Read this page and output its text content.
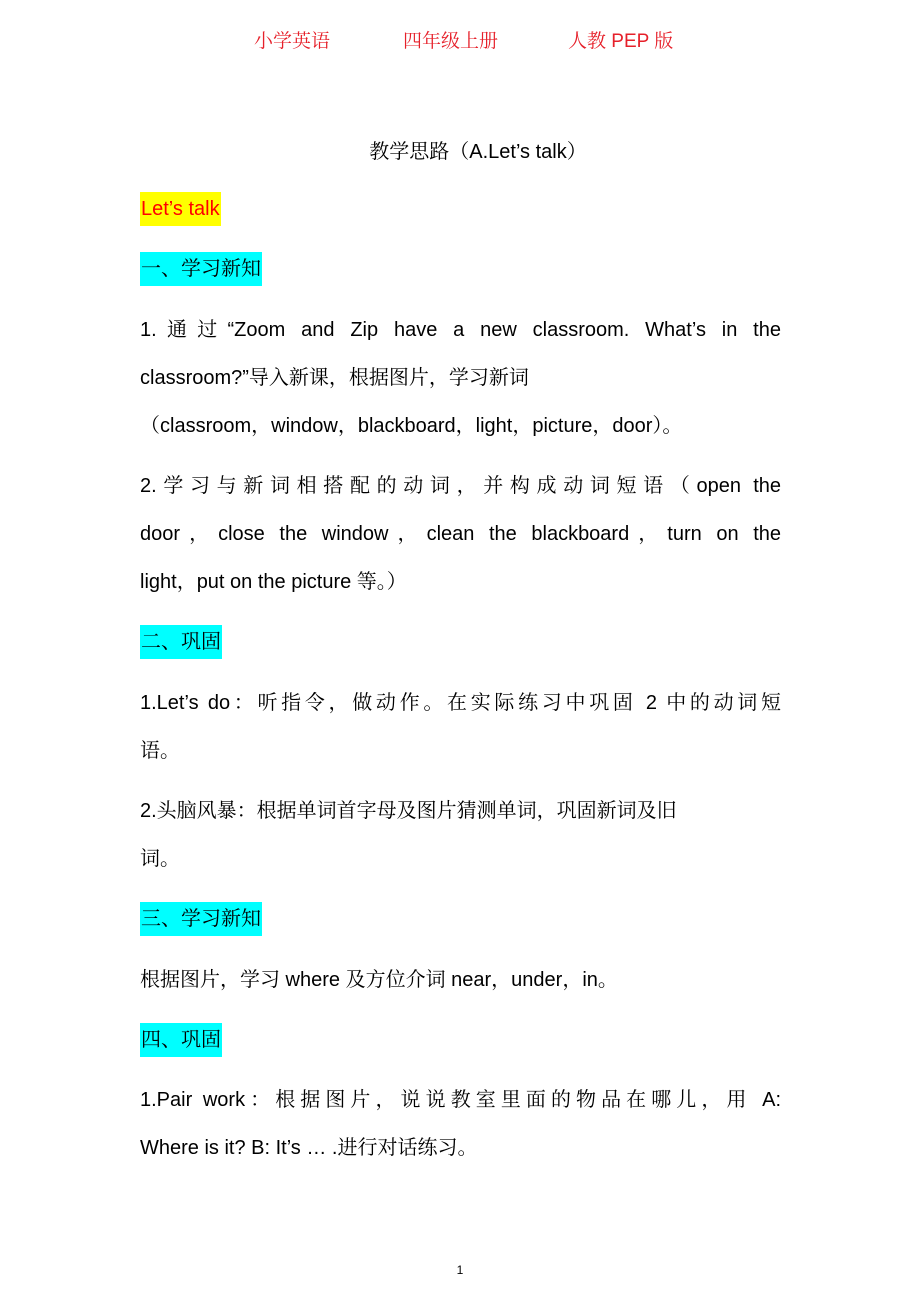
小学英语	四年级上册	人教 PEP 版
教学思路（A.Let’s talk）
Let’s talk
一、学习新知
1.通过“Zoom and Zip have a new classroom. What’s in the
classroom?”导入新课，根据图片，学习新词
（classroom，window，blackboard，light，picture，door）。
2.学习与新词相搭配的动词，并构成动词短语（open the
door，close the window，clean the blackboard，turn on the
light，put on the picture 等。）
二、巩固
1.Let’s do：听指令，做动作。在实际练习中巩固 2 中的动词短
语。
2.头脑风暴：根据单词首字母及图片猜测单词，巩固新词及旧
词。
三、学习新知
根据图片，学习 where 及方位介词 near，under，in。
四、巩固
1.Pair work：根据图片，说说教室里面的物品在哪儿，用 A:
Where is it? B: It’s … .进行对话练习。
1
